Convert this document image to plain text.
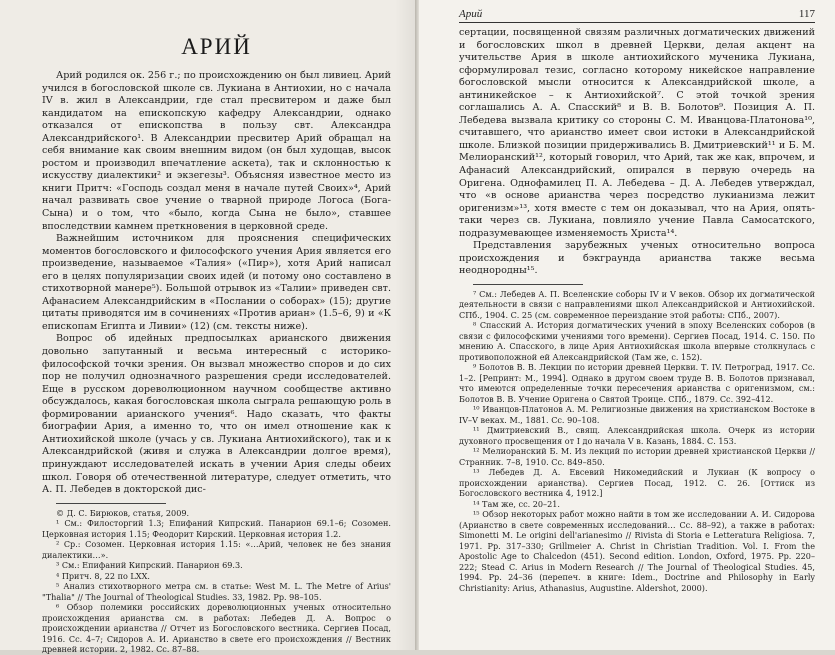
АРИЙ

Арий родился ок. 256 г.; по происхождению он был ливиец. Арий учился в богословской школе св. Лукиана в Антиохии, но с начала IV в. жил в Александрии, где стал пресвитером и даже был кандидатом на епископскую кафедру Александрии, однако отказался от епископства в пользу свт. Александра Александрийского¹. В Александрии пресвитер Арий обращал на себя внимание как своим внешним видом (он был худощав, высок ростом и производил впечатление аскета), так и склонностью к искусству диалектики² и экзегезы³. Объясняя известное место из книги Притч: «Господь создал меня в начале путей Своих»⁴, Арий начал развивать свое учение о тварной природе Логоса (Бога-Сына) и о том, что «было, когда Сына не было», ставшее впоследствии камнем преткновения в церковной среде.

Важнейшим источником для прояснения специфических моментов богословского и философского учения Ария является его произведение, называемое «Талия» («Пир»), хотя Арий написал его в целях популяризации своих идей (и потому оно составлено в стихотворной манере⁵). Большой отрывок из «Талии» приведен свт. Афанасием Александрийским в «Послании о соборах» (15); другие цитаты приводятся им в сочинениях «Против ариан» (1.5–6, 9) и «К епископам Египта и Ливии» (12) (см. тексты ниже).

Вопрос об идейных предпосылках арианского движения довольно запутанный и весьма интересный с историко-философской точки зрения. Он вызвал множество споров и до сих пор не получил однозначного разрешения среди исследователей. Еще в русском дореволюционном научном сообществе активно обсуждалось, какая богословская школа сыграла решающую роль в формировании арианского учения⁶. Надо сказать, что факты биографии Ария, а именно то, что он имел отношение как к Антиохийской школе (учась у св. Лукиана Антиохийского), так и к Александрийской (живя и служа в Александрии долгое время), принуждают исследователей искать в учении Ария следы обеих школ. Говоря об отечественной литературе, следует отметить, что А. П. Лебедев в докторской дис-

© Д. С. Бирюков, статья, 2009.

¹ См.: Филосторгий 1.3; Епифаний Кипрский. Панарион 69.1–6; Созомен. Церковная история 1.15; Феодорит Кирский. Церковная история 1.2.

² Ср.: Созомен. Церковная история 1.15: «…Арий, человек не без знания диалектики…».

³ См.: Епифаний Кипрский. Панарион 69.3.

⁴ Притч. 8, 22 по LXX.

⁵ Анализ стихотворного метра см. в статье: West M. L. The Metre of Arius' "Thalia" // The Journal of Theological Studies. 33, 1982. Pp. 98–105.

⁶ Обзор полемики российских дореволюционных ученых относительно происхождения арианства см. в работах: Лебедев Д. А. Вопрос о происхождении арианства // Отчет из Богословского вестника. Сергиев Посад, 1916. Сс. 4–7; Сидоров А. И. Арианство в свете его происхождения // Вестник древней истории. 2, 1982. Сс. 87–88.

Арий	117

сертации, посвященной связям различных догматических движений и богословских школ в древней Церкви, делая акцент на учительстве Ария в школе антиохийского мученика Лукиана, сформулировал тезис, согласно которому никейское направление богословской мысли относится к Александрийской школе, а антиникейское – к Антиохийской⁷. С этой точкой зрения соглашались А. А. Спасский⁸ и В. В. Болотов⁹. Позиция А. П. Лебедева вызвала критику со стороны С. М. Иванцова-Платонова¹⁰, считавшего, что арианство имеет свои истоки в Александрийской школе. Близкой позиции придерживались В. Дмитриевский¹¹ и Б. М. Мелиоранский¹², который говорил, что Арий, так же как, впрочем, и Афанасий Александрийский, опирался в первую очередь на Оригена. Однофамилец П. А. Лебедева – Д. А. Лебедев утверждал, что «в основе арианства через посредство лукианизма лежит оригенизм»¹³, хотя вместе с тем он доказывал, что на Ария, опять-таки через св. Лукиана, повлияло учение Павла Самосатского, подразумевающее изменяемость Христа¹⁴.

Представления зарубежных ученых относительно вопроса происхождения и бэкграунда арианства также весьма неоднородны¹⁵.

⁷ См.: Лебедев А. П. Вселенские соборы IV и V веков. Обзор их догматической деятельности в связи с направлениями школ Александрийской и Антиохийской. СПб., 1904. С. 25 (см. современное переиздание этой работы: СПб., 2007).

⁸ Спасский А. История догматических учений в эпоху Вселенских соборов (в связи с философскими учениями того времени). Сергиев Посад, 1914. С. 150. По мнению А. Спасского, в лице Ария Антиохийская школа впервые столкнулась с противоположной ей Александрийской (Там же, с. 152).

⁹ Болотов В. В. Лекции по истории древней Церкви. Т. IV. Петроград, 1917. Сс. 1–2. [Репринт: М., 1994]. Однако в другом своем труде В. В. Болотов признавал, что имеются определенные точки пересечения арианства с оригенизмом, см.: Болотов В. В. Учение Оригена о Святой Троице. СПб., 1879. Сс. 392–412.

¹⁰ Иванцов-Платонов А. М. Религиозные движения на христианском Востоке в IV–V веках. М., 1881. Сс. 90–108.

¹¹ Дмитриевский В., свящ. Александрийская школа. Очерк из истории духовного просвещения от I до начала V в. Казань, 1884. С. 153.

¹² Мелиоранский Б. М. Из лекций по истории древней христианской Церкви // Странник. 7–8, 1910. Сс. 849–850.

¹³ Лебедев Д. А. Евсевий Никомедийский и Лукиан (К вопросу о происхождении арианства). Сергиев Посад, 1912. С. 26. [Оттиск из Богословского вестника 4, 1912.]

¹⁴ Там же, сс. 20–21.

¹⁵ Обзор некоторых работ можно найти в том же исследовании А. И. Сидорова (Арианство в свете современных исследований… Сс. 88–92), а также в работах: Simonetti M. Le origini dell'arianesimo // Rivista di Storia e Letteratura Religiosa. 7, 1971. Pp. 317–330; Grillmeier A. Christ in Christian Tradition. Vol. I. From the Apostolic Age to Chalcedon (451). Second edition. London, Oxford, 1975. Pp. 220–222; Stead C. Arius in Modern Research // The Journal of Theological Studies. 45, 1994. Pp. 24–36 (перепеч. в книге: Idem., Doctrine and Philosophy in Early Christianity: Arius, Athanasius, Augustine. Aldershot, 2000).
